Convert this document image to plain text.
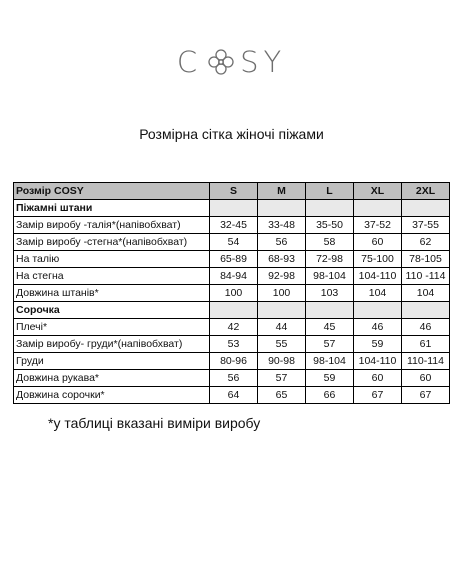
C SY
Розмірна сітка жіночі піжами
Розмір COSY	S	M	L	XL	2XL
Піжамні штани					
Замір виробу -талія*(напівобхват)	32-45	33-48	35-50	37-52	37-55
Замір виробу -стегна*(напівобхват)	54	56	58	60	62
На талію	65-89	68-93	72-98	75-100	78-105
На стегна	84-94	92-98	98-104	104-110	110 -114
Довжина штанів*	100	100	103	104	104
Сорочка					
Плечі*	42	44	45	46	46
Замір виробу- груди*(напівобхват)	53	55	57	59	61
Груди	80-96	90-98	98-104	104-110	110-114
Довжина рукава*	56	57	59	60	60
Довжина сорочки*	64	65	66	67	67
*у таблиці вказані виміри виробу
